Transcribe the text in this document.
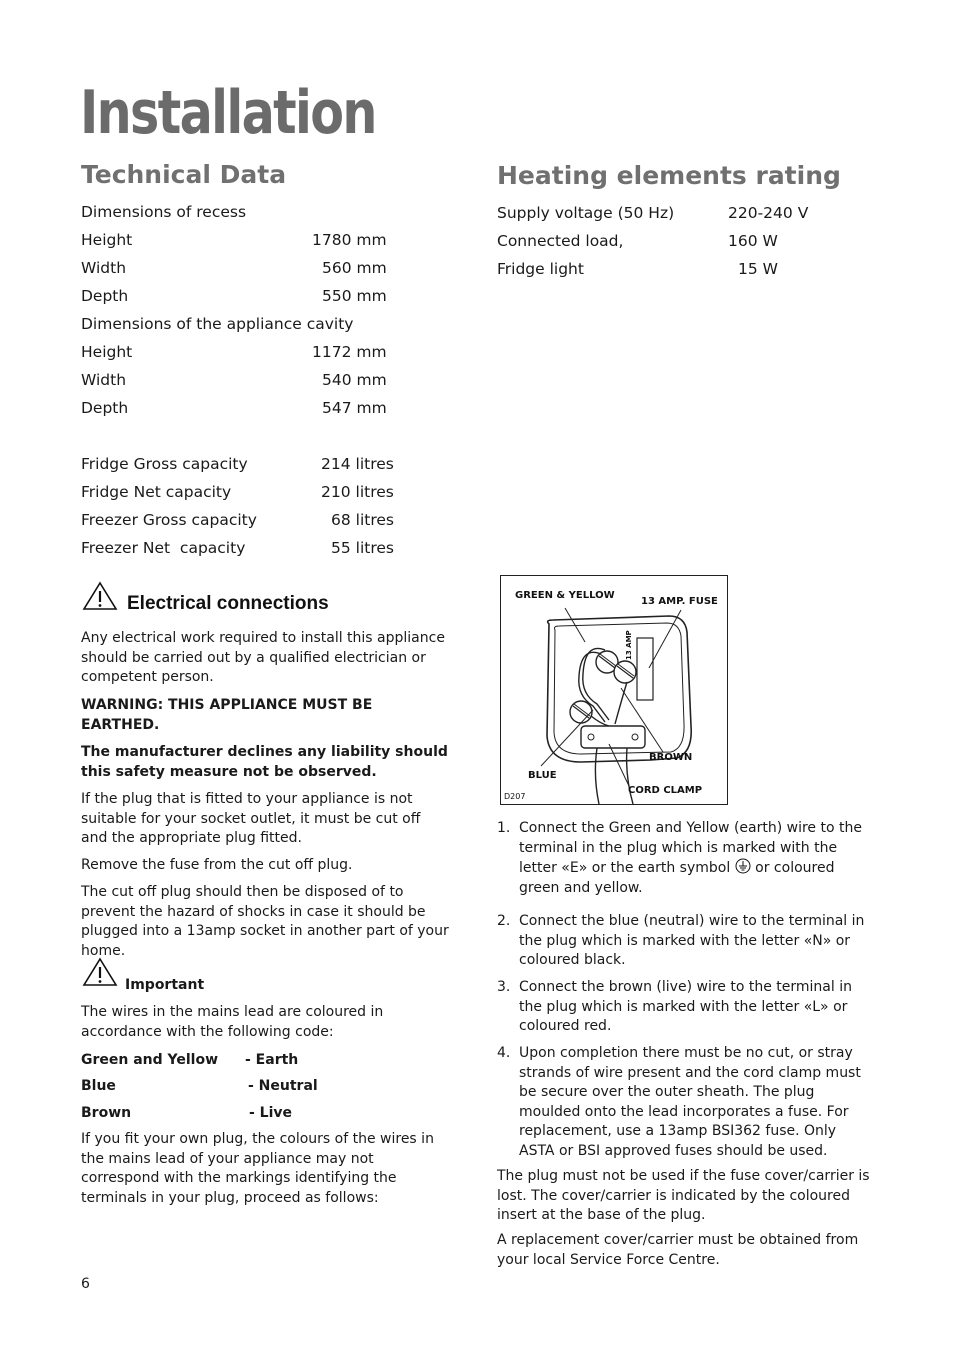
Installation
Technical Data
Dimensions of recess
Height	1780 mm
Width	560 mm
Depth	550 mm
Dimensions of the appliance cavity
Height	1172 mm
Width	540 mm
Depth	547 mm
Fridge Gross capacity	214 litres
Fridge Net capacity	210 litres
Freezer Gross capacity	68 litres
Freezer Net  capacity	55 litres
Heating elements rating
Supply voltage (50 Hz)	220-240 V
Connected load,	160 W
Fridge light	15 W
Electrical connections
Any electrical work required to install this appliance should be carried out by a qualified electrician or competent person.
WARNING: THIS APPLIANCE MUST BE EARTHED.
The manufacturer declines any liability should this safety measure not be observed.
If the plug that is fitted to your appliance is not suitable for your socket outlet, it must be cut off and the appropriate plug fitted.
Remove the fuse from the cut off plug.
The cut off plug should then be disposed of to prevent the hazard of shocks in case it should be plugged into a 13amp socket in another part of your home.
Important
The wires in the mains lead are coloured in accordance with the following code:
Green and Yellow - Earth
Blue	- Neutral
Brown	- Live
If you fit your own plug, the colours of the wires in the mains lead of your appliance may not correspond with the markings identifying the terminals in your plug, proceed as follows:
GREEN & YELLOW
13 AMP. FUSE
13 AMP
BROWN
BLUE
CORD CLAMP
D207
1. Connect the Green and Yellow (earth) wire to the terminal in the plug which is marked with the letter «E» or the earth symbol or coloured green and yellow.
2. Connect the blue (neutral) wire to the terminal in the plug which is marked with the letter «N» or coloured black.
3. Connect the brown (live) wire to the terminal in the plug which is marked with the letter «L» or coloured red.
4. Upon completion there must be no cut, or stray strands of wire present and the cord clamp must be secure over the outer sheath. The plug moulded onto the lead incorporates a fuse. For replacement, use a 13amp BSI362 fuse. Only ASTA or BSI approved fuses should be used.
The plug must not be used if the fuse cover/carrier is lost. The cover/carrier is indicated by the coloured insert at the base of the plug.
A replacement cover/carrier must be obtained from your local Service Force Centre.
6
